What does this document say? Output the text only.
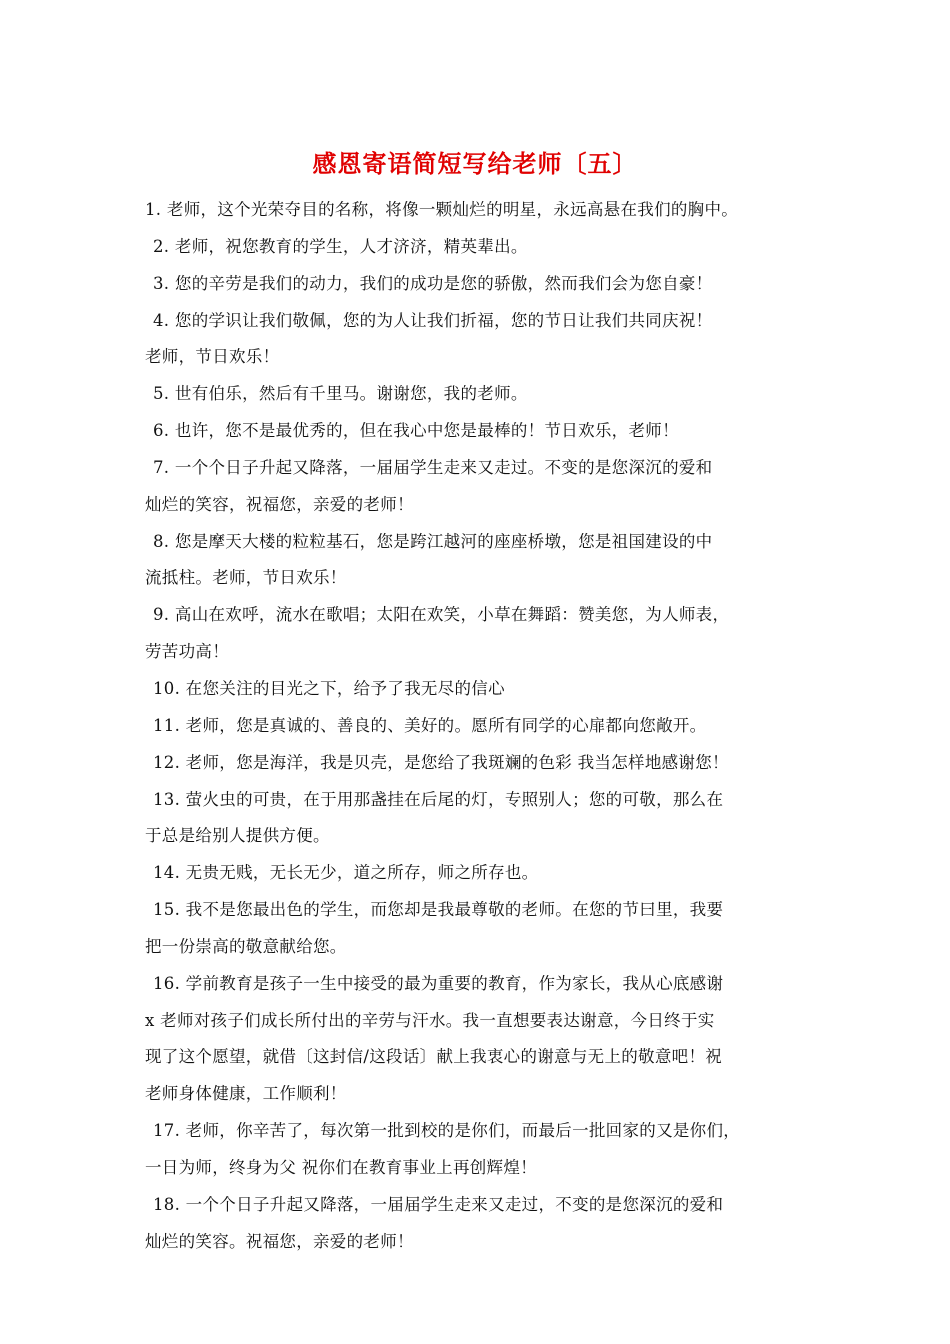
感恩寄语简短写给老师〔五〕
1. 老师，这个光荣夺目的名称，将像一颗灿烂的明星，永远高悬在我们的胸中。
2. 老师，祝您教育的学生，人才济济，精英辈出。
3. 您的辛劳是我们的动力，我们的成功是您的骄傲，然而我们会为您自豪！
4. 您的学识让我们敬佩，您的为人让我们折福，您的节日让我们共同庆祝！
老师，节日欢乐！
5. 世有伯乐，然后有千里马。谢谢您，我的老师。
6. 也许，您不是最优秀的，但在我心中您是最棒的！节日欢乐，老师！
7. 一个个日子升起又降落，一届届学生走来又走过。不变的是您深沉的爱和
灿烂的笑容，祝福您，亲爱的老师！
8. 您是摩天大楼的粒粒基石，您是跨江越河的座座桥墩，您是祖国建设的中
流抵柱。老师，节日欢乐！
9. 高山在欢呼，流水在歌唱；太阳在欢笑，小草在舞蹈：赞美您，为人师表，
劳苦功高！
10. 在您关注的目光之下，给予了我无尽的信心
11. 老师，您是真诚的、善良的、美好的。愿所有同学的心扉都向您敞开。
12. 老师，您是海洋，我是贝壳，是您给了我斑斓的色彩 我当怎样地感谢您！
13. 萤火虫的可贵，在于用那盏挂在后尾的灯，专照别人；您的可敬，那么在
于总是给别人提供方便。
14. 无贵无贱，无长无少，道之所存，师之所存也。
15. 我不是您最出色的学生，而您却是我最尊敬的老师。在您的节曰里，我要
把一份崇高的敬意献给您。
16. 学前教育是孩子一生中接受的最为重要的教育，作为家长，我从心底感谢
x 老师对孩子们成长所付出的辛劳与汗水。我一直想要表达谢意，今日终于实
现了这个愿望，就借〔这封信/这段话〕献上我衷心的谢意与无上的敬意吧！祝
老师身体健康，工作顺利！
17. 老师，你辛苦了，每次第一批到校的是你们，而最后一批回家的又是你们，
一日为师，终身为父 祝你们在教育事业上再创辉煌！
18. 一个个日子升起又降落，一届届学生走来又走过，不变的是您深沉的爱和
灿烂的笑容。祝福您，亲爱的老师！
